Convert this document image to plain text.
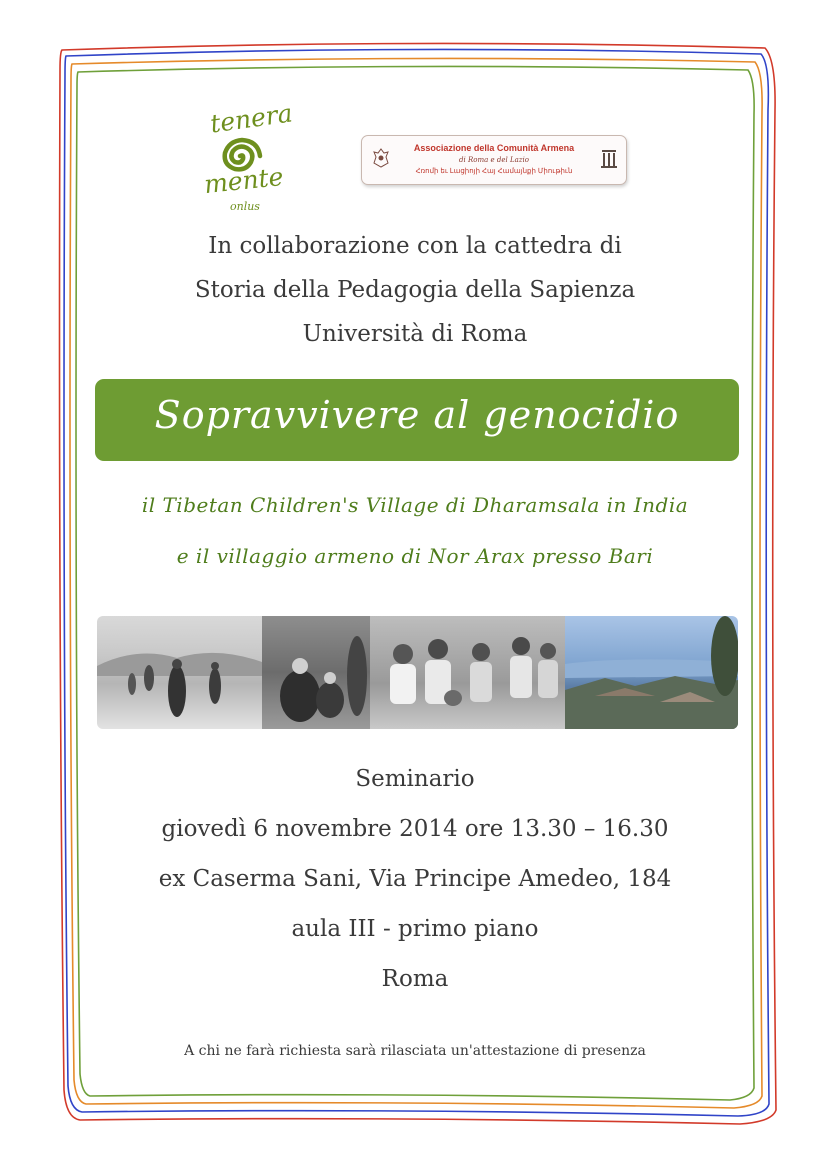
tenera
mente
onlus
Associazione della Comunità Armena
di Roma e del Lazio
Հռոմի եւ Լացիոյի Հայ Համայնքի Միութիւն
In collaborazione con la cattedra di
Storia della Pedagogia della Sapienza
Università di Roma
Sopravvivere al genocidio
il Tibetan Children's Village di Dharamsala in India
e il villaggio armeno di Nor Arax presso Bari
Seminario
giovedì 6 novembre 2014 ore 13.30 – 16.30
ex Caserma Sani, Via Principe Amedeo, 184
aula III - primo piano
Roma
A chi ne farà richiesta sarà rilasciata un'attestazione di presenza
